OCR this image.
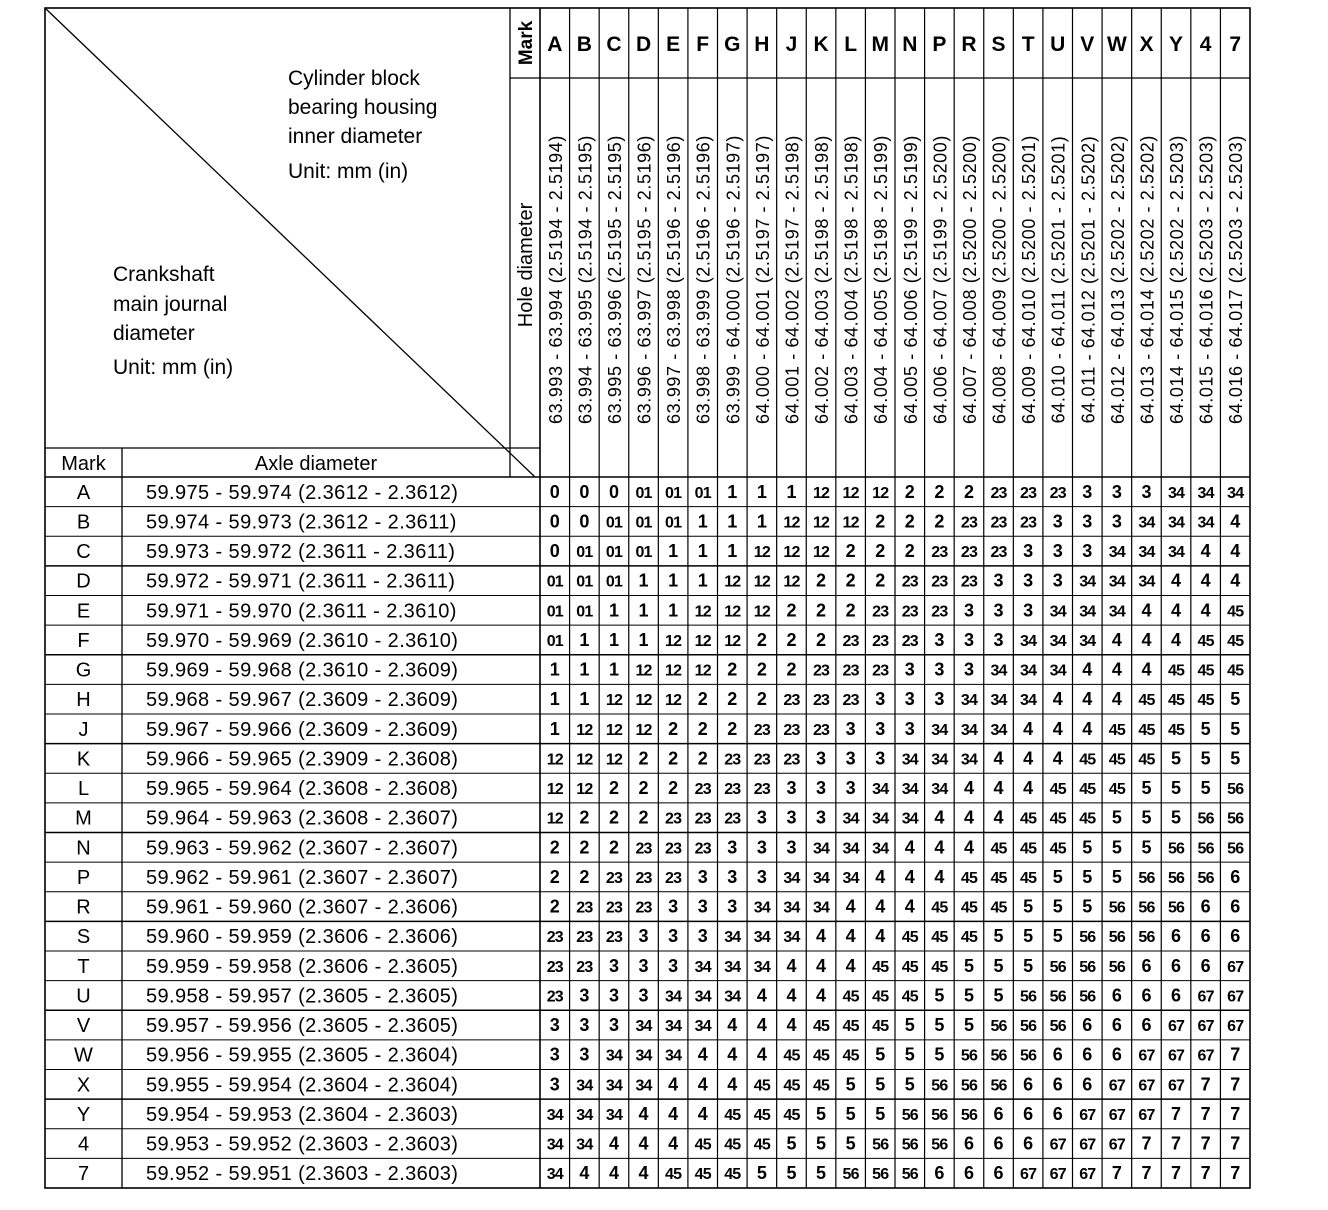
Cylinder block
bearing housing
inner diameter
Unit: mm (in)
Crankshaft
main journal
diameter
Unit: mm (in)
Mark
Hole diameter
Mark	Axle diameter
A
63.993 - 63.994 (2.5194 - 2.5194)
B
63.994 - 63.995 (2.5194 - 2.5195)
C
63.995 - 63.996 (2.5195 - 2.5195)
D
63.996 - 63.997 (2.5195 - 2.5196)
E
63.997 - 63.998 (2.5196 - 2.5196)
F
63.998 - 63.999 (2.5196 - 2.5196)
G
63.999 - 64.000 (2.5196 - 2.5197)
H
64.000 - 64.001 (2.5197 - 2.5197)
J
64.001 - 64.002 (2.5197 - 2.5198)
K
64.002 - 64.003 (2.5198 - 2.5198)
L
64.003 - 64.004 (2.5198 - 2.5198)
M
64.004 - 64.005 (2.5198 - 2.5199)
N
64.005 - 64.006 (2.5199 - 2.5199)
P
64.006 - 64.007 (2.5199 - 2.5200)
R
64.007 - 64.008 (2.5200 - 2.5200)
S
64.008 - 64.009 (2.5200 - 2.5200)
T
64.009 - 64.010 (2.5200 - 2.5201)
U
64.010 - 64.011 (2.5201 - 2.5201)
V
64.011 - 64.012 (2.5201 - 2.5202)
W
64.012 - 64.013 (2.5202 - 2.5202)
X
64.013 - 64.014 (2.5202 - 2.5202)
Y
64.014 - 64.015 (2.5202 - 2.5203)
4
64.015 - 64.016 (2.5203 - 2.5203)
7
64.016 - 64.017 (2.5203 - 2.5203)
A	59.975 - 59.974 (2.3612 - 2.3612)	0 0 0 01 01 01 1 1 1 12 12 12 2 2 2 23 23 23 3 3 3 34 34 34
B	59.974 - 59.973 (2.3612 - 2.3611)	0 0 01 01 01 1 1 1 12 12 12 2 2 2 23 23 23 3 3 3 34 34 34 4
C	59.973 - 59.972 (2.3611 - 2.3611)	0 01 01 01 1 1 1 12 12 12 2 2 2 23 23 23 3 3 3 34 34 34 4 4
D	59.972 - 59.971 (2.3611 - 2.3611)	01 01 01 1 1 1 12 12 12 2 2 2 23 23 23 3 3 3 34 34 34 4 4 4
E	59.971 - 59.970 (2.3611 - 2.3610)	01 01 1 1 1 12 12 12 2 2 2 23 23 23 3 3 3 34 34 34 4 4 4 45
F	59.970 - 59.969 (2.3610 - 2.3610)	01 1 1 1 12 12 12 2 2 2 23 23 23 3 3 3 34 34 34 4 4 4 45 45
G	59.969 - 59.968 (2.3610 - 2.3609)	1 1 1 12 12 12 2 2 2 23 23 23 3 3 3 34 34 34 4 4 4 45 45 45
H	59.968 - 59.967 (2.3609 - 2.3609)	1 1 12 12 12 2 2 2 23 23 23 3 3 3 34 34 34 4 4 4 45 45 45 5
J	59.967 - 59.966 (2.3609 - 2.3609)	1 12 12 12 2 2 2 23 23 23 3 3 3 34 34 34 4 4 4 45 45 45 5 5
K	59.966 - 59.965 (2.3909 - 2.3608)	12 12 12 2 2 2 23 23 23 3 3 3 34 34 34 4 4 4 45 45 45 5 5 5
L	59.965 - 59.964 (2.3608 - 2.3608)	12 12 2 2 2 23 23 23 3 3 3 34 34 34 4 4 4 45 45 45 5 5 5 56
M	59.964 - 59.963 (2.3608 - 2.3607)	12 2 2 2 23 23 23 3 3 3 34 34 34 4 4 4 45 45 45 5 5 5 56 56
N	59.963 - 59.962 (2.3607 - 2.3607)	2 2 2 23 23 23 3 3 3 34 34 34 4 4 4 45 45 45 5 5 5 56 56 56
P	59.962 - 59.961 (2.3607 - 2.3607)	2 2 23 23 23 3 3 3 34 34 34 4 4 4 45 45 45 5 5 5 56 56 56 6
R	59.961 - 59.960 (2.3607 - 2.3606)	2 23 23 23 3 3 3 34 34 34 4 4 4 45 45 45 5 5 5 56 56 56 6 6
S	59.960 - 59.959 (2.3606 - 2.3606)	23 23 23 3 3 3 34 34 34 4 4 4 45 45 45 5 5 5 56 56 56 6 6 6
T	59.959 - 59.958 (2.3606 - 2.3605)	23 23 3 3 3 34 34 34 4 4 4 45 45 45 5 5 5 56 56 56 6 6 6 67
U	59.958 - 59.957 (2.3605 - 2.3605)	23 3 3 3 34 34 34 4 4 4 45 45 45 5 5 5 56 56 56 6 6 6 67 67
V	59.957 - 59.956 (2.3605 - 2.3605)	3 3 3 34 34 34 4 4 4 45 45 45 5 5 5 56 56 56 6 6 6 67 67 67
W	59.956 - 59.955 (2.3605 - 2.3604)	3 3 34 34 34 4 4 4 45 45 45 5 5 5 56 56 56 6 6 6 67 67 67 7
X	59.955 - 59.954 (2.3604 - 2.3604)	3 34 34 34 4 4 4 45 45 45 5 5 5 56 56 56 6 6 6 67 67 67 7 7
Y	59.954 - 59.953 (2.3604 - 2.3603)	34 34 34 4 4 4 45 45 45 5 5 5 56 56 56 6 6 6 67 67 67 7 7 7
4	59.953 - 59.952 (2.3603 - 2.3603)	34 34 4 4 4 45 45 45 5 5 5 56 56 56 6 6 6 67 67 67 7 7 7 7
7	59.952 - 59.951 (2.3603 - 2.3603)	34 4 4 4 45 45 45 5 5 5 56 56 56 6 6 6 67 67 67 7 7 7 7 7
